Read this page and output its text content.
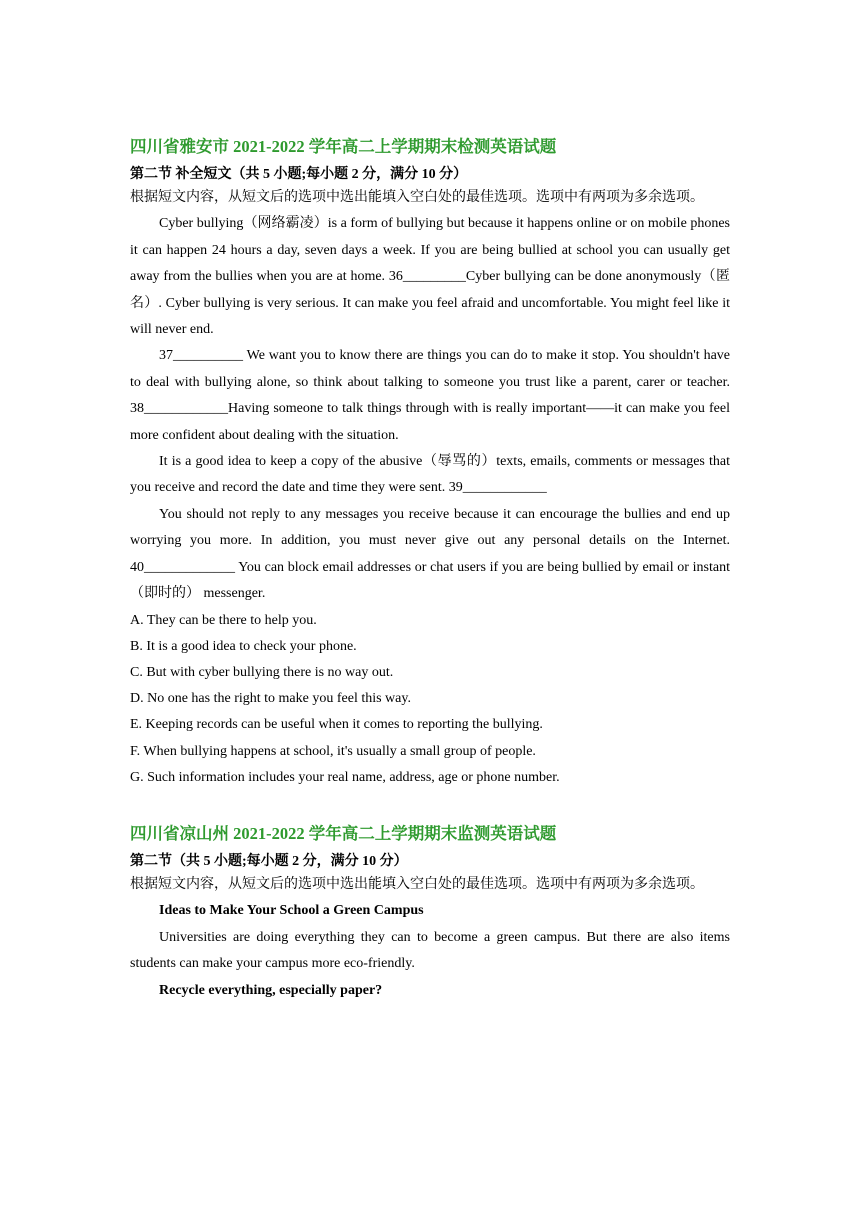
四川省雅安市 2021-2022 学年高二上学期期末检测英语试题
第二节 补全短文（共 5 小题;每小题 2 分，满分 10 分）

根据短文内容，从短文后的选项中选出能填入空白处的最佳选项。选项中有两项为多余选项。

Cyber bullying（网络霸凌）is a form of bullying but because it happens online or on mobile phones it can happen 24 hours a day, seven days a week. If you are being bullied at school you can usually get away from the bullies when you are at home. 36_________Cyber bullying can be done anonymously（匿名）. Cyber bullying is very serious. It can make you feel afraid and uncomfortable. You might feel like it will never end.

37__________ We want you to know there are things you can do to make it stop. You shouldn't have to deal with bullying alone, so think about talking to someone you trust like a parent, carer or teacher. 38____________Having someone to talk things through with is really important——it can make you feel more confident about dealing with the situation.

It is a good idea to keep a copy of the abusive（辱骂的）texts, emails, comments or messages that you receive and record the date and time they were sent. 39____________

You should not reply to any messages you receive because it can encourage the bullies and end up worrying you more. In addition, you must never give out any personal details on the Internet. 40_____________ You can block email addresses or chat users if you are being bullied by email or instant （即时的） messenger.

A. They can be there to help you.

B. It is a good idea to check your phone.

C. But with cyber bullying there is no way out.

D. No one has the right to make you feel this way.

E. Keeping records can be useful when it comes to reporting the bullying.

F. When bullying happens at school, it's usually a small group of people.

G. Such information includes your real name, address, age or phone number.

四川省凉山州 2021-2022 学年高二上学期期末监测英语试题
第二节（共 5 小题;每小题 2 分，满分 10 分）

根据短文内容，从短文后的选项中选出能填入空白处的最佳选项。选项中有两项为多余选项。

Ideas to Make Your School a Green Campus

Universities are doing everything they can to become a green campus. But there are also items students can make your campus more eco-friendly.

Recycle everything, especially paper?
